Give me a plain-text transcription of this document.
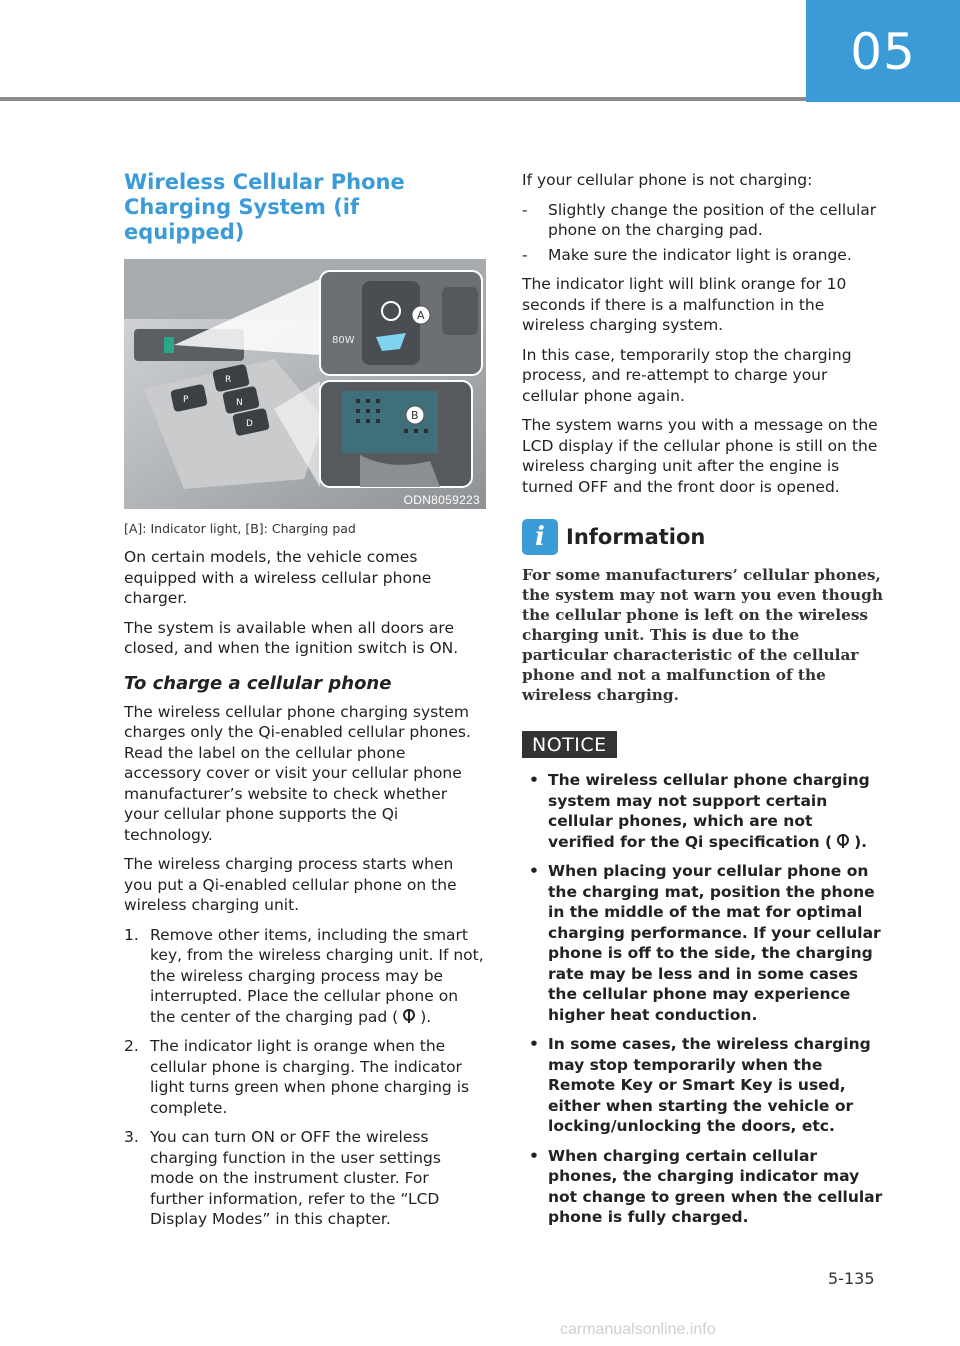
05
Wireless Cellular Phone Charging System (if equipped)
R
P	N
D
80W
A
B
ODN8059223
[A]: Indicator light, [B]: Charging pad

On certain models, the vehicle comes equipped with a wireless cellular phone charger.

The system is available when all doors are closed, and when the ignition switch is ON.

To charge a cellular phone

The wireless cellular phone charging system charges only the Qi-enabled cellular phones. Read the label on the cellular phone accessory cover or visit your cellular phone manufacturer’s website to check whether your cellular phone supports the Qi technology.

The wireless charging process starts when you put a Qi-enabled cellular phone on the wireless charging unit.

1. Remove other items, including the smart key, from the wireless charging unit. If not, the wireless charging process may be interrupted. Place the cellular phone on the center of the charging pad ( ).
2. The indicator light is orange when the cellular phone is charging. The indicator light turns green when phone charging is complete.
3. You can turn ON or OFF the wireless charging function in the user settings mode on the instrument cluster. For further information, refer to the “LCD Display Modes” in this chapter.

If your cellular phone is not charging:

- Slightly change the position of the cellular phone on the charging pad.
- Make sure the indicator light is orange.

The indicator light will blink orange for 10 seconds if there is a malfunction in the wireless charging system.

In this case, temporarily stop the charging process, and re-attempt to charge your cellular phone again.

The system warns you with a message on the LCD display if the cellular phone is still on the wireless charging unit after the engine is turned OFF and the front door is opened.

i	Information

For some manufacturers’ cellular phones, the system may not warn you even though the cellular phone is left on the wireless charging unit. This is due to the particular characteristic of the cellular phone and not a malfunction of the wireless charging.

NOTICE
• The wireless cellular phone charging system may not support certain cellular phones, which are not verified for the Qi specification ( ).
• When placing your cellular phone on the charging mat, position the phone in the middle of the mat for optimal charging performance. If your cellular phone is off to the side, the charging rate may be less and in some cases the cellular phone may experience higher heat conduction.
• In some cases, the wireless charging may stop temporarily when the Remote Key or Smart Key is used, either when starting the vehicle or locking/unlocking the doors, etc.
• When charging certain cellular phones, the charging indicator may not change to green when the cellular phone is fully charged.
5-135
carmanualsonline.info
